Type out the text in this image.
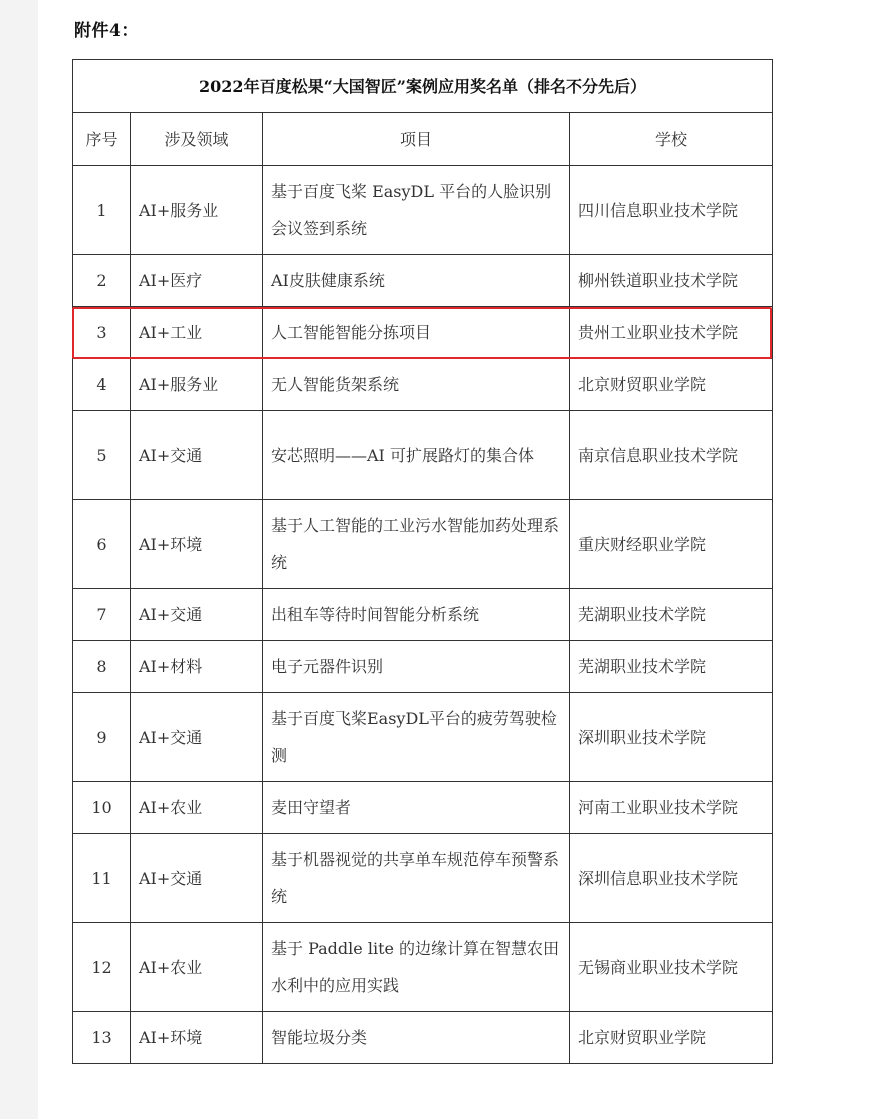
附件4：
2022年百度松果“大国智匠”案例应用奖名单（排名不分先后）			
序号	涉及领域	项目	学校
1	AI+服务业	基于百度飞桨 EasyDL 平台的人脸识别会议签到系统	四川信息职业技术学院
2	AI+医疗	AI皮肤健康系统	柳州铁道职业技术学院
3	AI+工业	人工智能智能分拣项目	贵州工业职业技术学院
4	AI+服务业	无人智能货架系统	北京财贸职业学院
5	AI+交通	安芯照明——AI 可扩展路灯的集合体	南京信息职业技术学院
6	AI+环境	基于人工智能的工业污水智能加药处理系统	重庆财经职业学院
7	AI+交通	出租车等待时间智能分析系统	芜湖职业技术学院
8	AI+材料	电子元器件识别	芜湖职业技术学院
9	AI+交通	基于百度飞桨EasyDL平台的疲劳驾驶检测	深圳职业技术学院
10	AI+农业	麦田守望者	河南工业职业技术学院
11	AI+交通	基于机器视觉的共享单车规范停车预警系统	深圳信息职业技术学院
12	AI+农业	基于 Paddle lite 的边缘计算在智慧农田水利中的应用实践	无锡商业职业技术学院
13	AI+环境	智能垃圾分类	北京财贸职业学院
